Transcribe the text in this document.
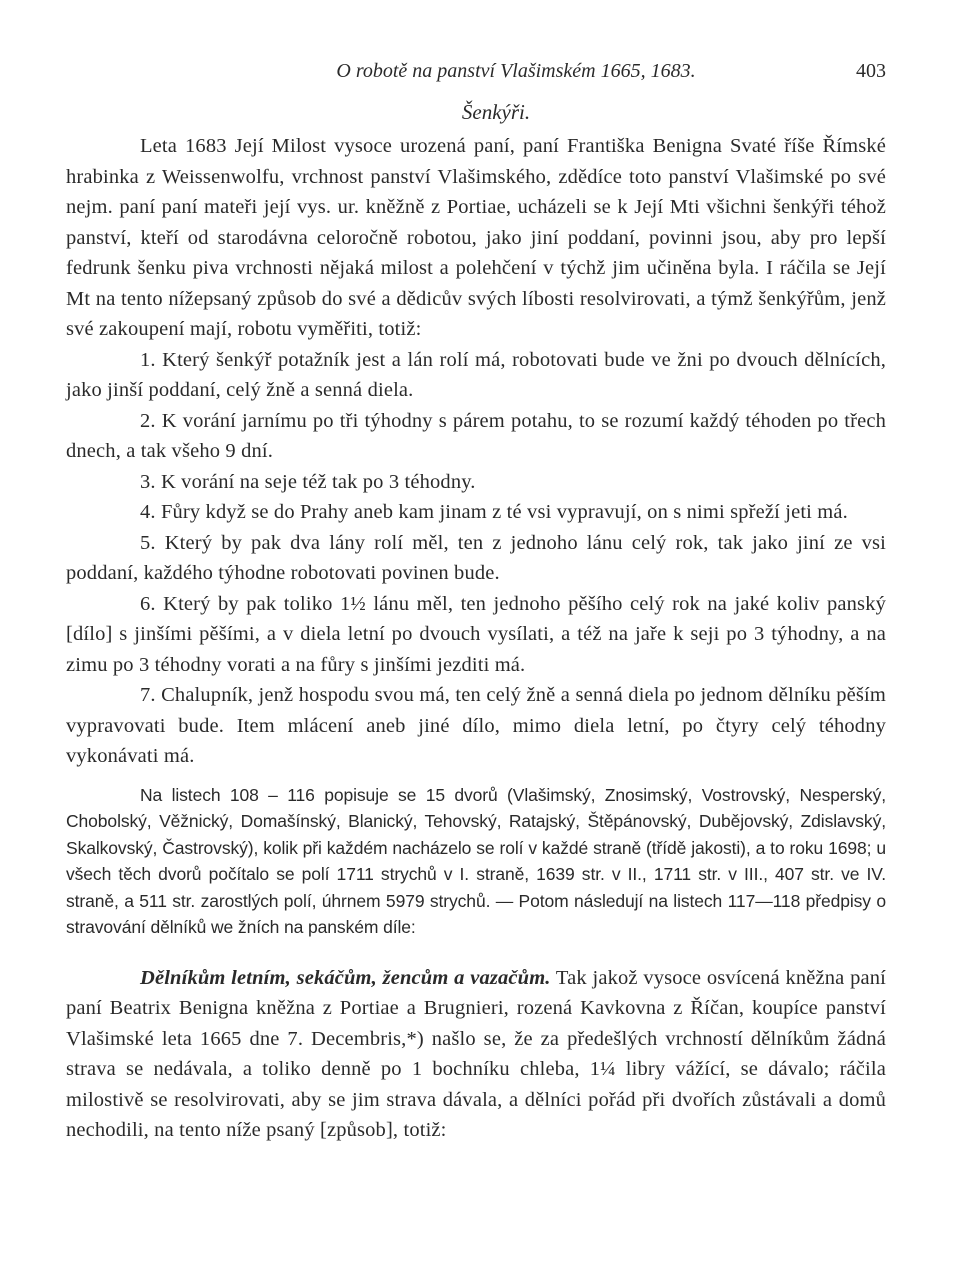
O robotě na panství Vlašimském 1665, 1683.	403
Šenkýři.

Leta 1683 Její Milost vysoce urozená paní, paní Františka Benigna Svaté říše Římské hrabinka z Weissenwolfu, vrchnost panství Vlašimského, zdědíce toto panství Vlašimské po své nejm. paní paní mateři její vys. ur. kněžně z Portiae, ucházeli se k Její Mti všichni šenkýři téhož panství, kteří od starodávna celoročně robotou, jako jiní poddaní, povinni jsou, aby pro lepší fedrunk šenku piva vrchnosti nějaká milost a polehčení v týchž jim učiněna byla. I ráčila se Její Mt na tento nížepsaný způsob do své a dědicův svých líbosti resolvirovati, a týmž šenkýřům, jenž své zakoupení mají, robotu vyměřiti, totiž:

1. Který šenkýř potažník jest a lán rolí má, robotovati bude ve žni po dvouch dělnících, jako jinší poddaní, celý žně a senná diela.

2. K vorání jarnímu po tři týhodny s párem potahu, to se rozumí každý téhoden po třech dnech, a tak všeho 9 dní.

3. K vorání na seje též tak po 3 téhodny.

4. Fůry když se do Prahy aneb kam jinam z té vsi vypravují, on s nimi spřeží jeti má.

5. Který by pak dva lány rolí měl, ten z jednoho lánu celý rok, tak jako jiní ze vsi poddaní, každého týhodne robotovati povinen bude.

6. Který by pak toliko 1½ lánu měl, ten jednoho pěšího celý rok na jaké koliv panský [dílo] s jinšími pěšími, a v diela letní po dvouch vysílati, a též na jaře k seji po 3 týhodny, a na zimu po 3 téhodny vorati a na fůry s jinšími jezditi má.

7. Chalupník, jenž hospodu svou má, ten celý žně a senná diela po jednom dělníku pěším vypravovati bude. Item mlácení aneb jiné dílo, mimo diela letní, po čtyry celý téhodny vykonávati má.

Na listech 108 – 116 popisuje se 15 dvorů (Vlašimský, Znosimský, Vostrovský, Nesperský, Chobolský, Věžnický, Domašínský, Blanický, Tehovský, Ratajský, Štěpánovský, Dubějovský, Zdislavský, Skalkovský, Častrovský), kolik při každém nacházelo se rolí v každé straně (třídě jakosti), a to roku 1698; u všech těch dvorů počítalo se polí 1711 strychů v I. straně, 1639 str. v II., 1711 str. v III., 407 str. ve IV. straně, a 511 str. zarostlých polí, úhrnem 5979 strychů. — Potom následují na listech 117—118 předpisy o stravování dělníků we žních na panském díle:

Dělníkům letním, sekáčům, žencům a vazačům. Tak jakož vysoce osvícená kněžna paní paní Beatrix Benigna kněžna z Portiae a Brugnieri, rozená Kavkovna z Říčan, koupíce panství Vlašimské leta 1665 dne 7. Decembris,*) našlo se, že za předešlých vrchností dělníkům žádná strava se nedávala, a toliko denně po 1 bochníku chleba, 1¼ libry vážící, se dávalo; ráčila milostivě se resolvirovati, aby se jim strava dávala, a dělníci pořád při dvořích zůstávali a domů nechodili, na tento níže psaný [způsob], totiž:
